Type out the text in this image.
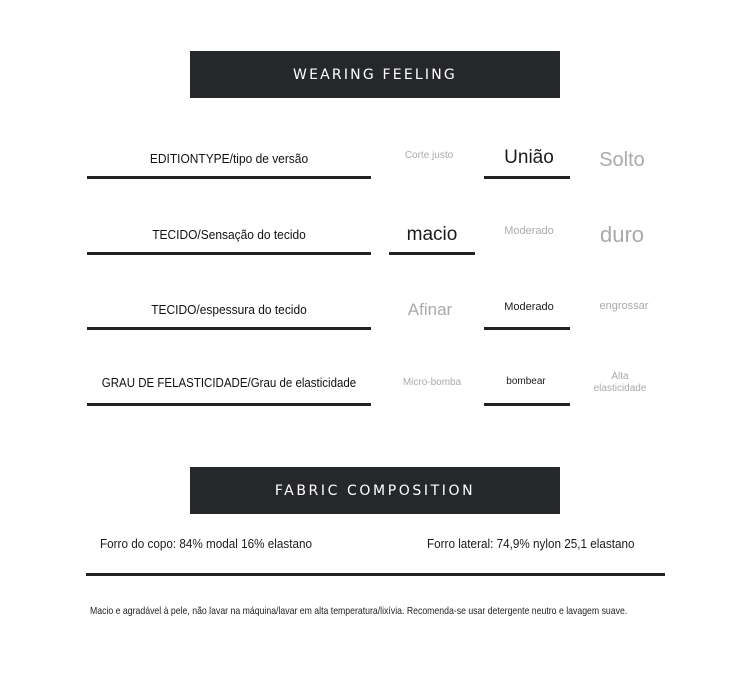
WEARING FEELING
EDITIONTYPE/tipo de versão	Corte justo	União	Solto
TECIDO/Sensação do tecido	macio	Moderado	duro
TECIDO/espessura do tecido	Afinar	Moderado	engrossar
GRAU DE FELASTICIDADE/Grau de elasticidade	Micro-bomba	bombear	Alta elasticidade
FABRIC COMPOSITION
Forro do copo: 84% modal 16% elastano	Forro lateral: 74,9% nylon 25,1 elastano
Macio e agradável à pele, não lavar na máquina/lavar em alta temperatura/lixívia. Recomenda-se usar detergente neutro e lavagem suave.
